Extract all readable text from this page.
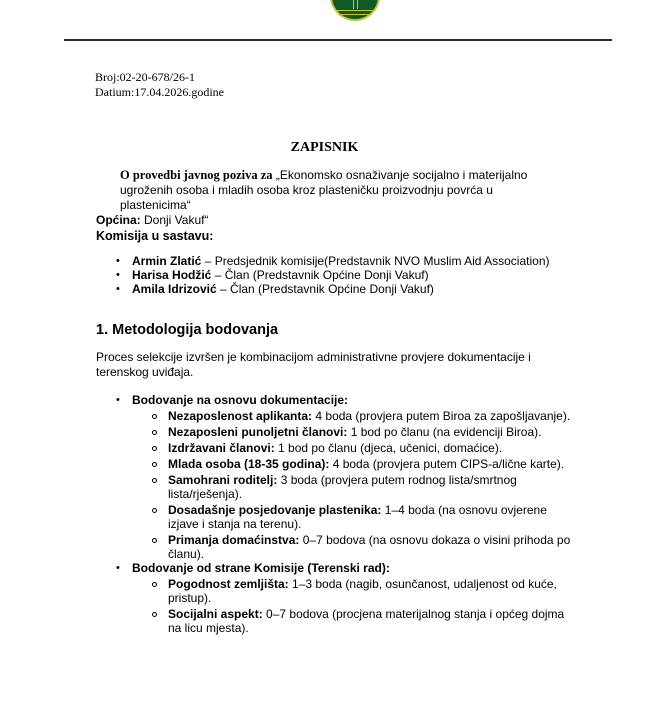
Broj:02-20-678/26-1
Datium:17.04.2026.godine
ZAPISNIK
O provedbi javnog poziva za „Ekonomsko osnaživanje socijalno i materijalno ugroženih osoba i mladih osoba kroz plasteničku proizvodnju povrća u plastenicima“
Općina: Donji Vakuf“
Komisija u sastavu:
• Armin Zlatić – Predsjednik komisije(Predstavnik NVO Muslim Aid Association)
• Harisa Hodžić – Član (Predstavnik Općine Donji Vakuf)
• Amila Idrizović – Član (Predstavnik Općine Donji Vakuf)
1. Metodologija bodovanja
Proces selekcije izvršen je kombinacijom administrativne provjere dokumentacije i terenskog uviđaja.
• Bodovanje na osnovu dokumentacije:
Nezaposlenost aplikanta: 4 boda (provjera putem Biroa za zapošljavanje).
Nezaposleni punoljetni članovi: 1 bod po članu (na evidenciji Biroa).
Izdržavani članovi: 1 bod po članu (djeca, učenici, domaćice).
Mlada osoba (18-35 godina): 4 boda (provjera putem CIPS-a/lične karte).
Samohrani roditelj: 3 boda (provjera putem rodnog lista/smrtnog lista/rješenja).
Dosadašnje posjedovanje plastenika: 1–4 boda (na osnovu ovjerene izjave i stanja na terenu).
Primanja domaćinstva: 0–7 bodova (na osnovu dokaza o visini prihoda po članu).
• Bodovanje od strane Komisije (Terenski rad):
Pogodnost zemljišta: 1–3 boda (nagib, osunčanost, udaljenost od kuće, pristup).
Socijalni aspekt: 0–7 bodova (procjena materijalnog stanja i općeg dojma na licu mjesta).
